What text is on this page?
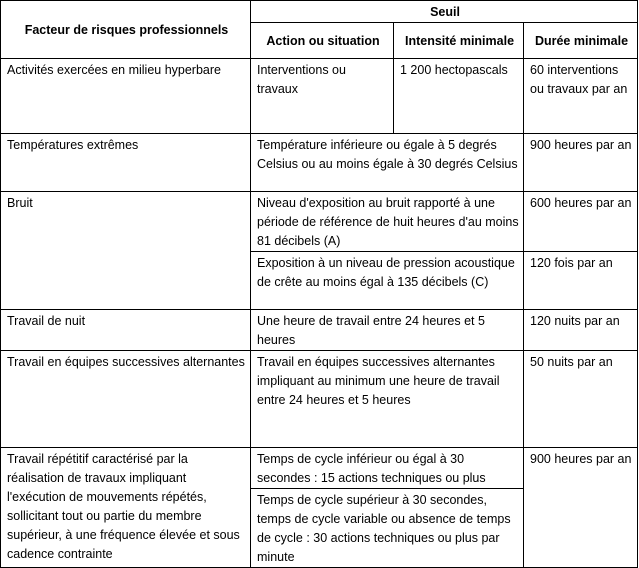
Facteur de risques professionnels	Seuil		
	Action ou situation	Intensité minimale	Durée minimale
Activités exercées en milieu hyperbare	Interventions ou travaux	1 200 hectopascals	60 interventions ou travaux par an
Températures extrêmes	Température inférieure ou égale à 5 degrés Celsius ou au moins égale à 30 degrés Celsius		900 heures par an
Bruit	Niveau d'exposition au bruit rapporté à une période de référence de huit heures d'au moins 81 décibels (A)		600 heures par an
	Exposition à un niveau de pression acoustique de crête au moins égal à 135 décibels (C)		120 fois par an
Travail de nuit	Une heure de travail entre 24 heures et 5 heures		120 nuits par an
Travail en équipes successives alternantes	Travail en équipes successives alternantes impliquant au minimum une heure de travail entre 24 heures et 5 heures		50 nuits par an
Travail répétitif caractérisé par la réalisation de travaux impliquant l'exécution de mouvements répétés, sollicitant tout ou partie du membre supérieur, à une fréquence élevée et sous cadence contrainte	Temps de cycle inférieur ou égal à 30 secondes : 15 actions techniques ou plus		900 heures par an
	Temps de cycle supérieur à 30 secondes, temps de cycle variable ou absence de temps de cycle : 30 actions techniques ou plus par minute		
